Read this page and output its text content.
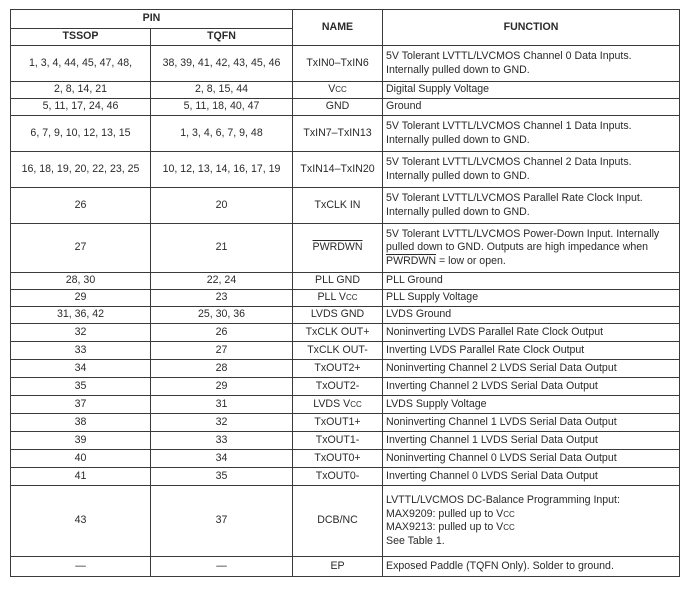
PIN		NAME	FUNCTION
TSSOP	TQFN		
1, 3, 4, 44, 45, 47, 48,	38, 39, 41, 42, 43, 45, 46	TxIN0–TxIN6	5V Tolerant LVTTL/LVCMOS Channel 0 Data Inputs.
Internally pulled down to GND.

2, 8, 14, 21	2, 8, 15, 44	VCC	Digital Supply Voltage

5, 11, 17, 24, 46	5, 11, 18, 40, 47	GND	Ground

6, 7, 9, 10, 12, 13, 15	1, 3, 4, 6, 7, 9, 48	TxIN7–TxIN13	5V Tolerant LVTTL/LVCMOS Channel 1 Data Inputs.
Internally pulled down to GND.

16, 18, 19, 20, 22, 23, 25	10, 12, 13, 14, 16, 17, 19	TxIN14–TxIN20	5V Tolerant LVTTL/LVCMOS Channel 2 Data Inputs.
Internally pulled down to GND.

26	20	TxCLK IN	5V Tolerant LVTTL/LVCMOS Parallel Rate Clock Input.
Internally pulled down to GND.

27	21	PWRDWN	5V Tolerant LVTTL/LVCMOS Power-Down Input. Internally
pulled down to GND. Outputs are high impedance when
PWRDWN = low or open.

28, 30	22, 24	PLL GND	PLL Ground

29	23	PLL VCC	PLL Supply Voltage

31, 36, 42	25, 30, 36	LVDS GND	LVDS Ground

32	26	TxCLK OUT+	Noninverting LVDS Parallel Rate Clock Output

33	27	TxCLK OUT-	Inverting LVDS Parallel Rate Clock Output

34	28	TxOUT2+	Noninverting Channel 2 LVDS Serial Data Output

35	29	TxOUT2-	Inverting Channel 2 LVDS Serial Data Output

37	31	LVDS VCC	LVDS Supply Voltage

38	32	TxOUT1+	Noninverting Channel 1 LVDS Serial Data Output

39	33	TxOUT1-	Inverting Channel 1 LVDS Serial Data Output

40	34	TxOUT0+	Noninverting Channel 0 LVDS Serial Data Output

41	35	TxOUT0-	Inverting Channel 0 LVDS Serial Data Output

43	37	DCB/NC	LVTTL/LVCMOS DC-Balance Programming Input:
MAX9209: pulled up to VCC
MAX9213: pulled up to VCC
See Table 1.

—	—	EP	Exposed Paddle (TQFN Only). Solder to ground.
